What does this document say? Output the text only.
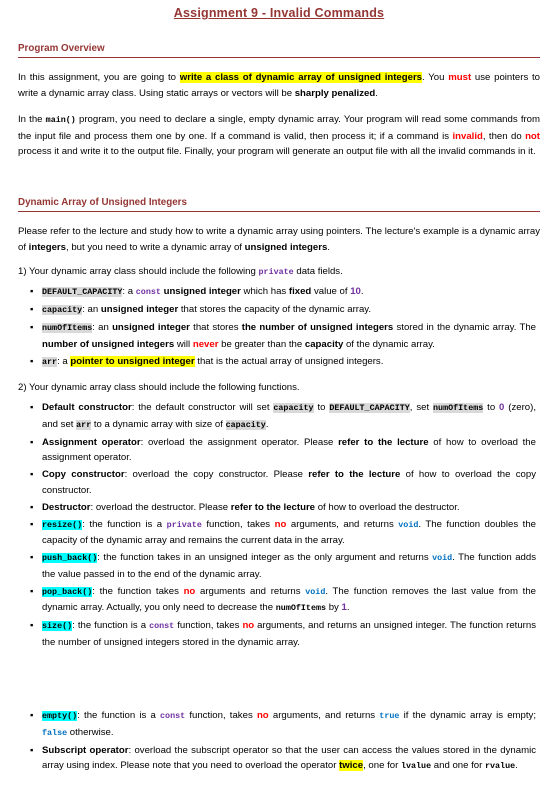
Assignment 9 - Invalid Commands
Program Overview
In this assignment, you are going to write a class of dynamic array of unsigned integers. You must use pointers to write a dynamic array class. Using static arrays or vectors will be sharply penalized.
In the main() program, you need to declare a single, empty dynamic array. Your program will read some commands from the input file and process them one by one. If a command is valid, then process it; if a command is invalid, then do not process it and write it to the output file. Finally, your program will generate an output file with all the invalid commands in it.
Dynamic Array of Unsigned Integers
Please refer to the lecture and study how to write a dynamic array using pointers. The lecture's example is a dynamic array of integers, but you need to write a dynamic array of unsigned integers.
1) Your dynamic array class should include the following private data fields.
▪ DEFAULT_CAPACITY: a const unsigned integer which has fixed value of 10.
▪ capacity: an unsigned integer that stores the capacity of the dynamic array.
▪ numOfItems: an unsigned integer that stores the number of unsigned integers stored in the dynamic array. The number of unsigned integers will never be greater than the capacity of the dynamic array.
▪ arr: a pointer to unsigned integer that is the actual array of unsigned integers.
2) Your dynamic array class should include the following functions.
▪ Default constructor: the default constructor will set capacity to DEFAULT_CAPACITY, set numOfItems to 0 (zero), and set arr to a dynamic array with size of capacity.
▪ Assignment operator: overload the assignment operator. Please refer to the lecture of how to overload the assignment operator.
▪ Copy constructor: overload the copy constructor. Please refer to the lecture of how to overload the copy constructor.
▪ Destructor: overload the destructor. Please refer to the lecture of how to overload the destructor.
▪ resize(): the function is a private function, takes no arguments, and returns void. The function doubles the capacity of the dynamic array and remains the current data in the array.
▪ push_back(): the function takes in an unsigned integer as the only argument and returns void. The function adds the value passed in to the end of the dynamic array.
▪ pop_back(): the function takes no arguments and returns void. The function removes the last value from the dynamic array. Actually, you only need to decrease the numOfItems by 1.
▪ size(): the function is a const function, takes no arguments, and returns an unsigned integer. The function returns the number of unsigned integers stored in the dynamic array.
▪ empty(): the function is a const function, takes no arguments, and returns true if the dynamic array is empty; false otherwise.
▪ Subscript operator: overload the subscript operator so that the user can access the values stored in the dynamic array using index. Please note that you need to overload the operator twice, one for lvalue and one for rvalue.
